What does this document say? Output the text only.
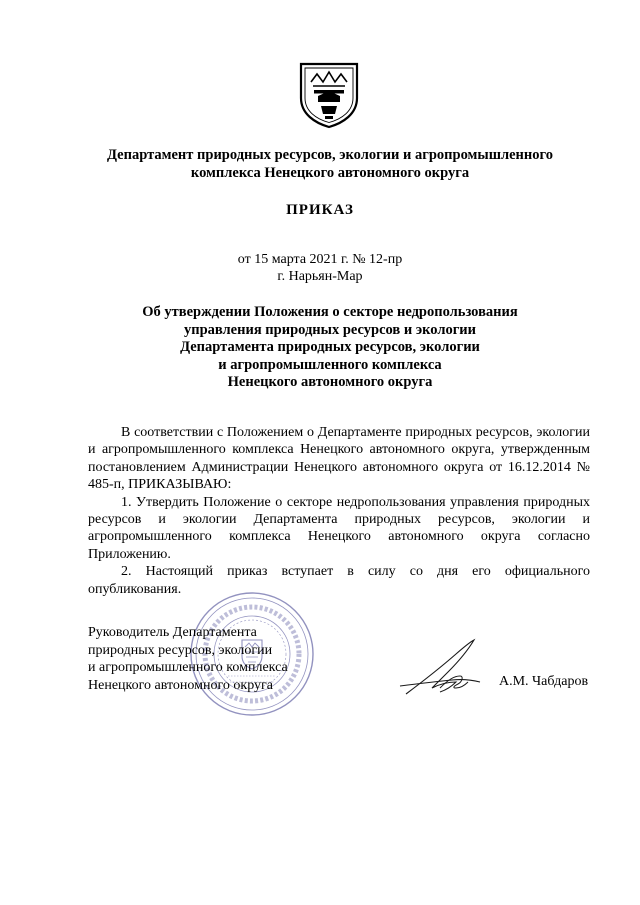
Департамент природных ресурсов, экологии и агропромышленного
комплекса Ненецкого автономного округа
ПРИКАЗ
от 15 марта 2021 г. № 12-пр
г. Нарьян-Мар
Об утверждении Положения о секторе недропользования
управления природных ресурсов и экологии
Департамента природных ресурсов, экологии
и агропромышленного комплекса
Ненецкого автономного округа

В соответствии с Положением о Департаменте природных ресурсов, экологии и агропромышленного комплекса Ненецкого автономного округа, утвержденным постановлением Администрации Ненецкого автономного округа от 16.12.2014 № 485-п, ПРИКАЗЫВАЮ:

1. Утвердить Положение о секторе недропользования управления природных ресурсов и экологии Департамента природных ресурсов, экологии и агропромышленного комплекса Ненецкого автономного округа согласно Приложению.

2. Настоящий приказ вступает в силу со дня его официального опубликования.

Руководитель Департамента
природных ресурсов, экологии
и агропромышленного комплекса
Ненецкого автономного округа	А.М. Чабдаров
